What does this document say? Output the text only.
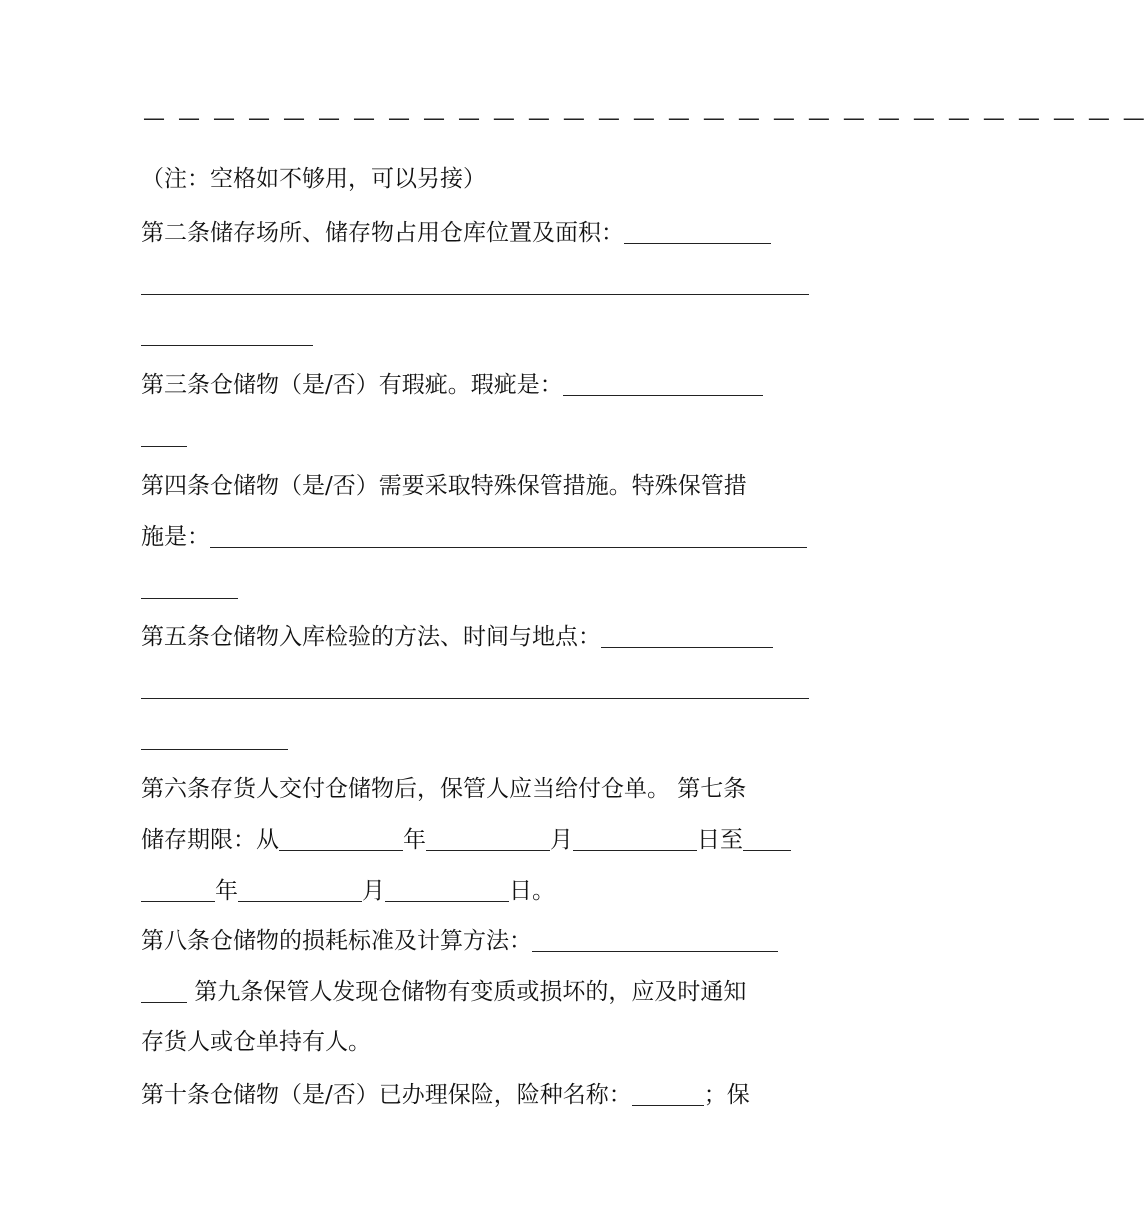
— — — — — — — — — — — — — — — — — — — — — — — — — — — — —
（注：空格如不够用，可以另接）
第二条储存场所、储存物占用仓库位置及面积：
第三条仓储物（是/否）有瑕疵。瑕疵是：
第四条仓储物（是/否）需要采取特殊保管措施。特殊保管措
施是：
第五条仓储物入库检验的方法、时间与地点：
第六条存货人交付仓储物后，保管人应当给付仓单。 第七条
储存期限：从	年	月	日至
年	月	日。
第八条仓储物的损耗标准及计算方法：
第九条保管人发现仓储物有变质或损坏的，应及时通知
存货人或仓单持有人。
第十条仓储物（是/否）已办理保险，险种名称：	；保
